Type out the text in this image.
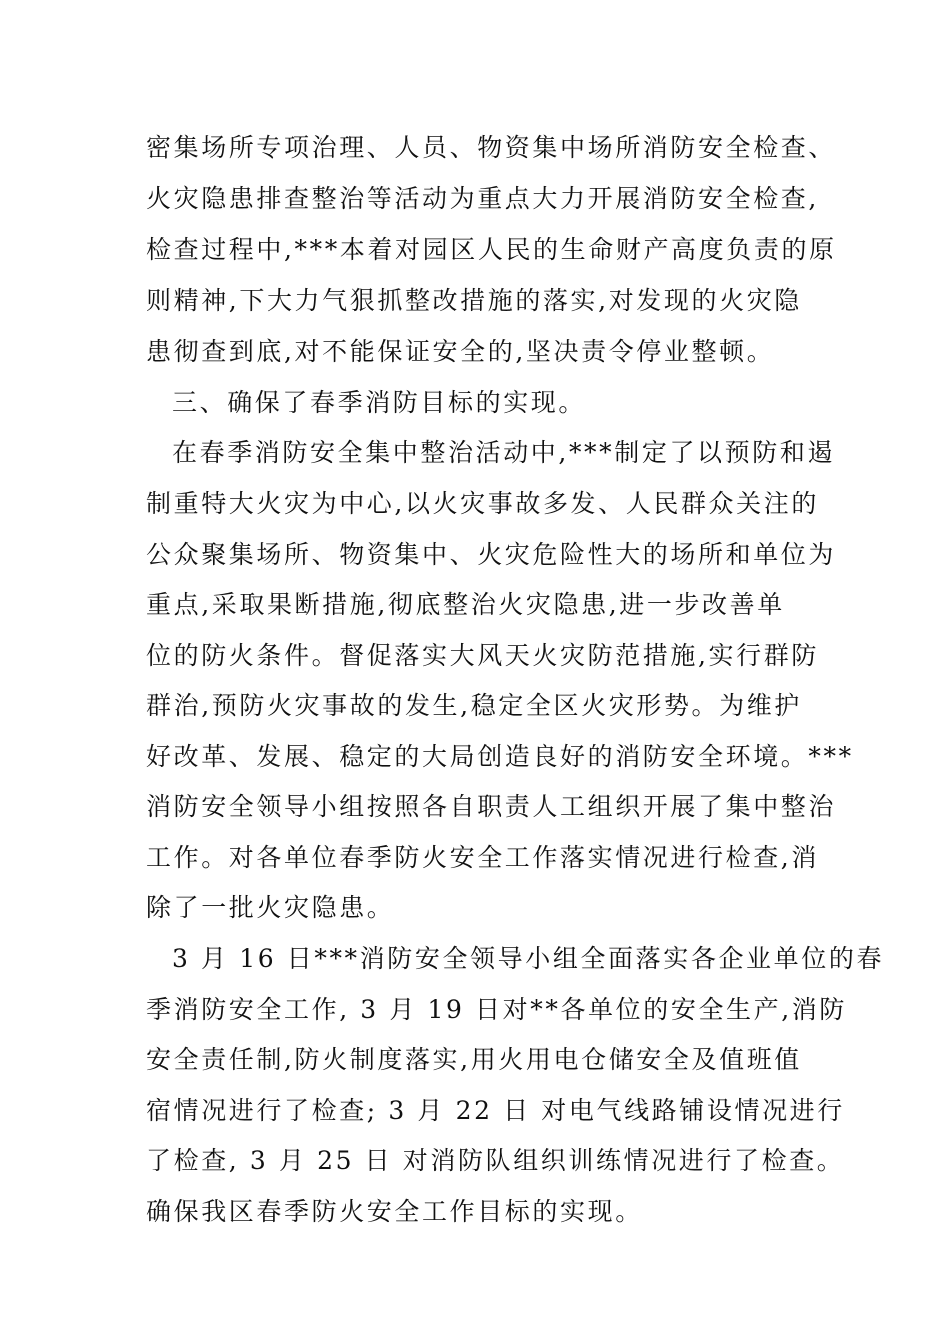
密集场所专项治理、人员、物资集中场所消防安全检查、
火灾隐患排查整治等活动为重点大力开展消防安全检查,
检查过程中,***本着对园区人民的生命财产高度负责的原
则精神,下大力气狠抓整改措施的落实,对发现的火灾隐
患彻查到底,对不能保证安全的,坚决责令停业整顿。
三、确保了春季消防目标的实现。
在春季消防安全集中整治活动中,***制定了以预防和遏
制重特大火灾为中心,以火灾事故多发、人民群众关注的
公众聚集场所、物资集中、火灾危险性大的场所和单位为
重点,采取果断措施,彻底整治火灾隐患,进一步改善单
位的防火条件。督促落实大风天火灾防范措施,实行群防
群治,预防火灾事故的发生,稳定全区火灾形势。为维护
好改革、发展、稳定的大局创造良好的消防安全环境。***
消防安全领导小组按照各自职责人工组织开展了集中整治
工作。对各单位春季防火安全工作落实情况进行检查,消
除了一批火灾隐患。
3 月 16 日***消防安全领导小组全面落实各企业单位的春
季消防安全工作, 3 月 19 日对**各单位的安全生产,消防
安全责任制,防火制度落实,用火用电仓储安全及值班值
宿情况进行了检查; 3 月 22 日 对电气线路铺设情况进行
了检查, 3 月 25 日 对消防队组织训练情况进行了检查。
确保我区春季防火安全工作目标的实现。
